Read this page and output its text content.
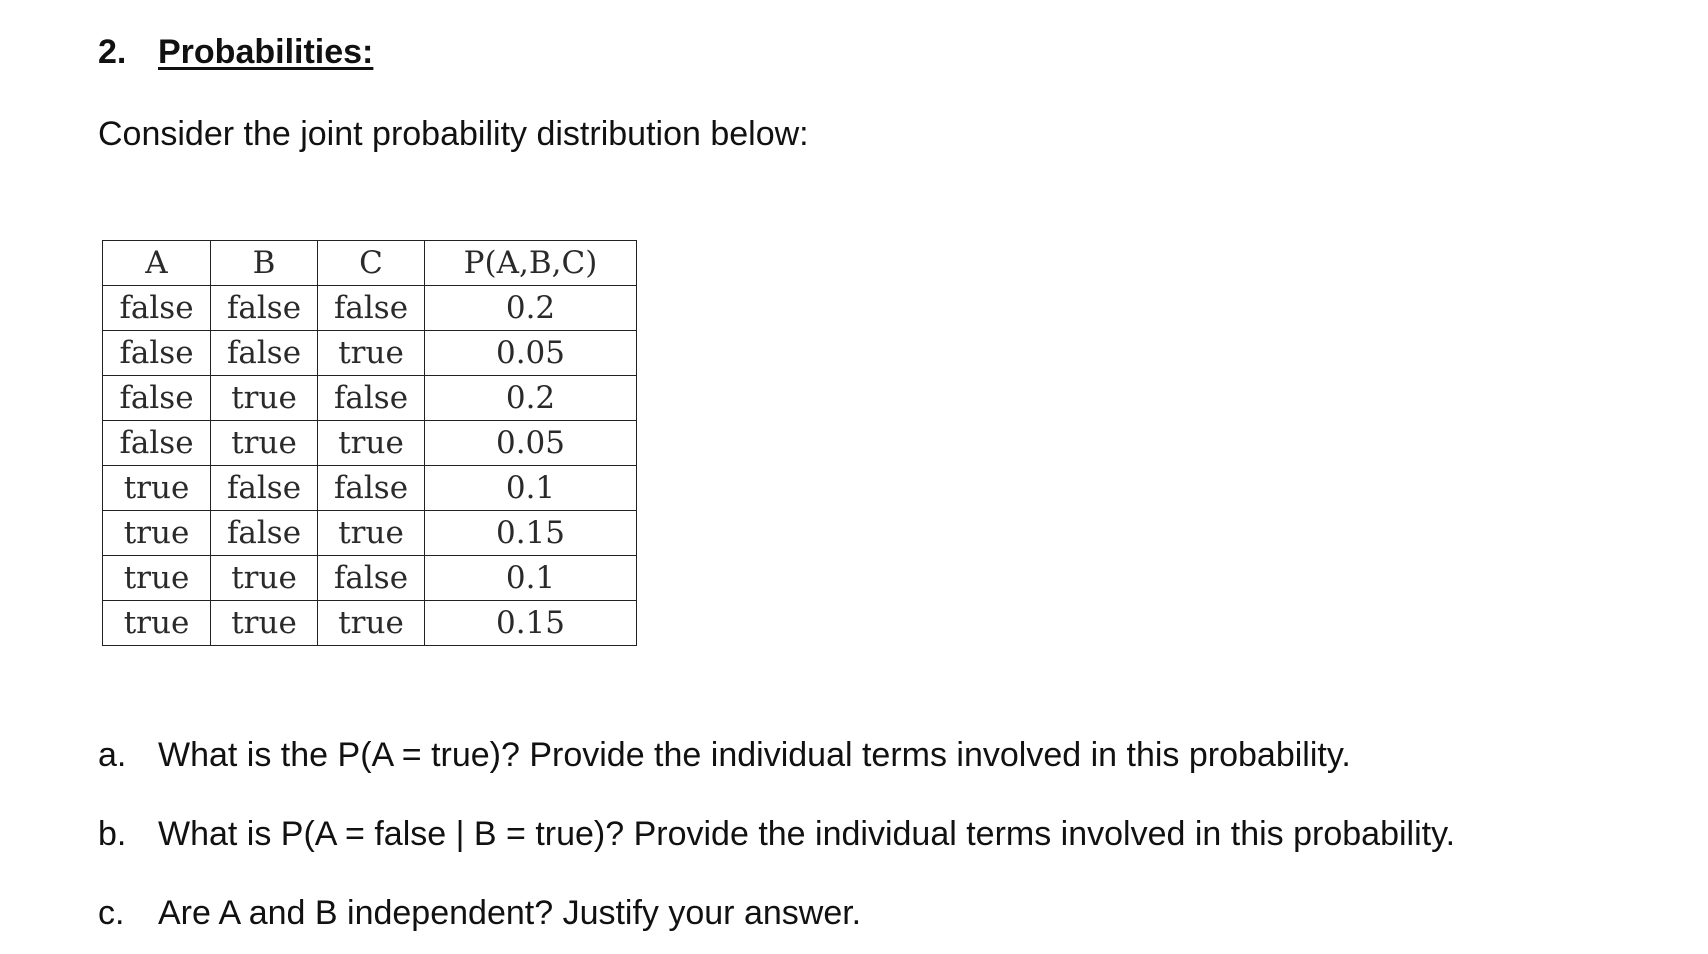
2. Probabilities:
Consider the joint probability distribution below:
A	B	C	P(A,B,C)
false	false	false	0.2
false	false	true	0.05
false	true	false	0.2
false	true	true	0.05
true	false	false	0.1
true	false	true	0.15
true	true	false	0.1
true	true	true	0.15
a. What is the P(A = true)? Provide the individual terms involved in this probability.
b. What is P(A = false | B = true)? Provide the individual terms involved in this probability.
c. Are A and B independent? Justify your answer.
